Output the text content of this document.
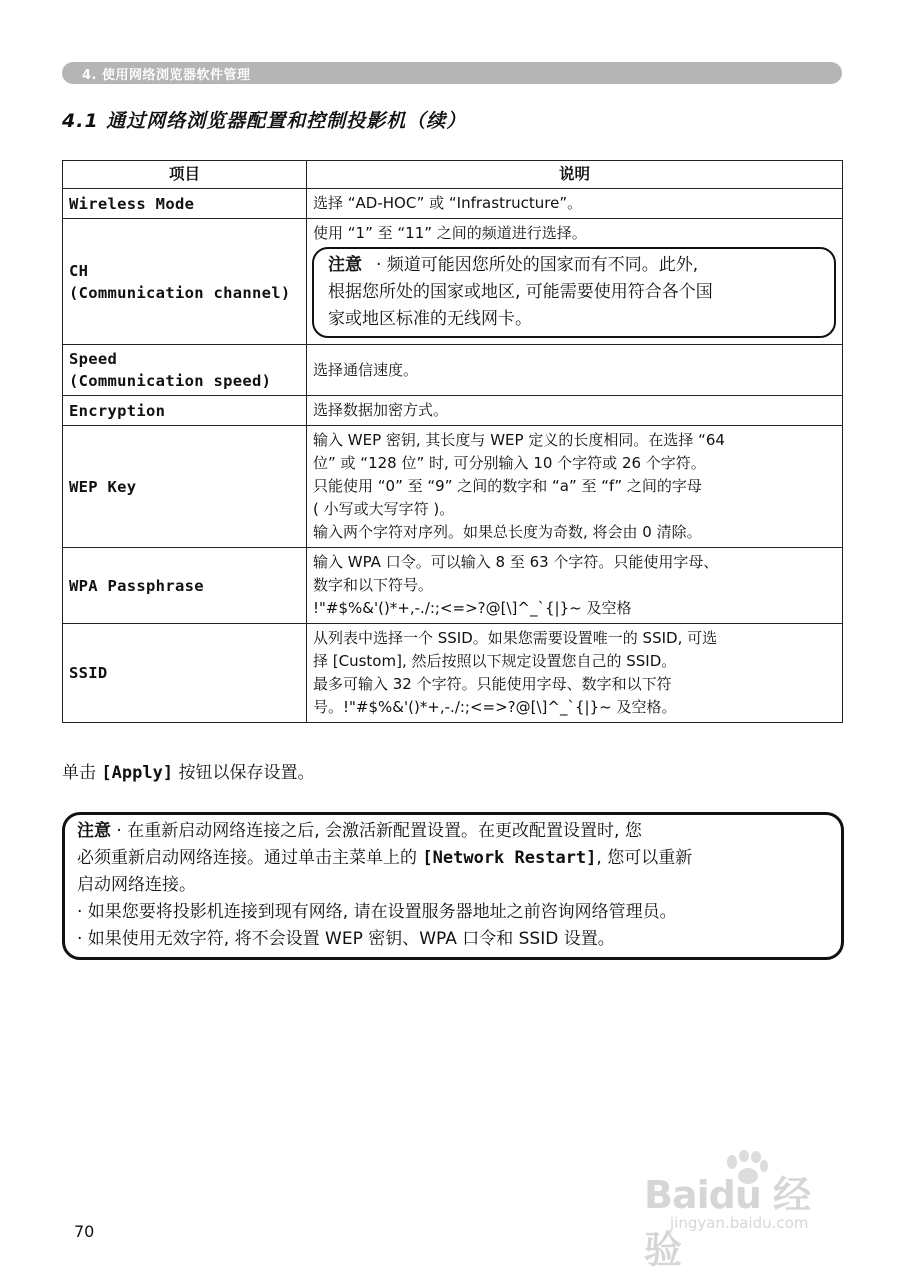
4. 使用网络浏览器软件管理
4.1 通过网络浏览器配置和控制投影机（续）
项目	说明

Wireless Mode	选择 “AD-HOC” 或 “Infrastructure”。

CH
(Communication channel)	使用 “1” 至 “11” 之间的频道进行选择。
注意 · 频道可能因您所处的国家而有不同。此外,
根据您所处的国家或地区, 可能需要使用符合各个国
家或地区标准的无线网卡。

Speed
(Communication speed)	选择通信速度。

Encryption	选择数据加密方式。

WEP Key	输入 WEP 密钥, 其长度与 WEP 定义的长度相同。在选择 “64
位” 或 “128 位” 时, 可分别输入 10 个字符或 26 个字符。
只能使用 “0” 至 “9” 之间的数字和 “a” 至 “f” 之间的字母
( 小写或大写字符 )。
输入两个字符对序列。如果总长度为奇数, 将会由 0 清除。

WPA Passphrase	输入 WPA 口令。可以输入 8 至 63 个字符。只能使用字母、
数字和以下符号。
!"#$%&'()*+,-./:;<=>?@[\]^_`{|}~ 及空格

SSID	从列表中选择一个 SSID。如果您需要设置唯一的 SSID, 可选
择 [Custom], 然后按照以下规定设置您自己的 SSID。
最多可输入 32 个字符。只能使用字母、数字和以下符
号。!"#$%&'()*+,-./:;<=>?@[\]^_`{|}~ 及空格。
单击 [Apply] 按钮以保存设置。
注意 · 在重新启动网络连接之后, 会激活新配置设置。在更改配置设置时, 您
必须重新启动网络连接。通过单击主菜单上的 [Network Restart], 您可以重新
启动网络连接。
· 如果您要将投影机连接到现有网络, 请在设置服务器地址之前咨询网络管理员。
· 如果使用无效字符, 将不会设置 WEP 密钥、WPA 口令和 SSID 设置。
Baidu 经验
jingyan.baidu.com
70
